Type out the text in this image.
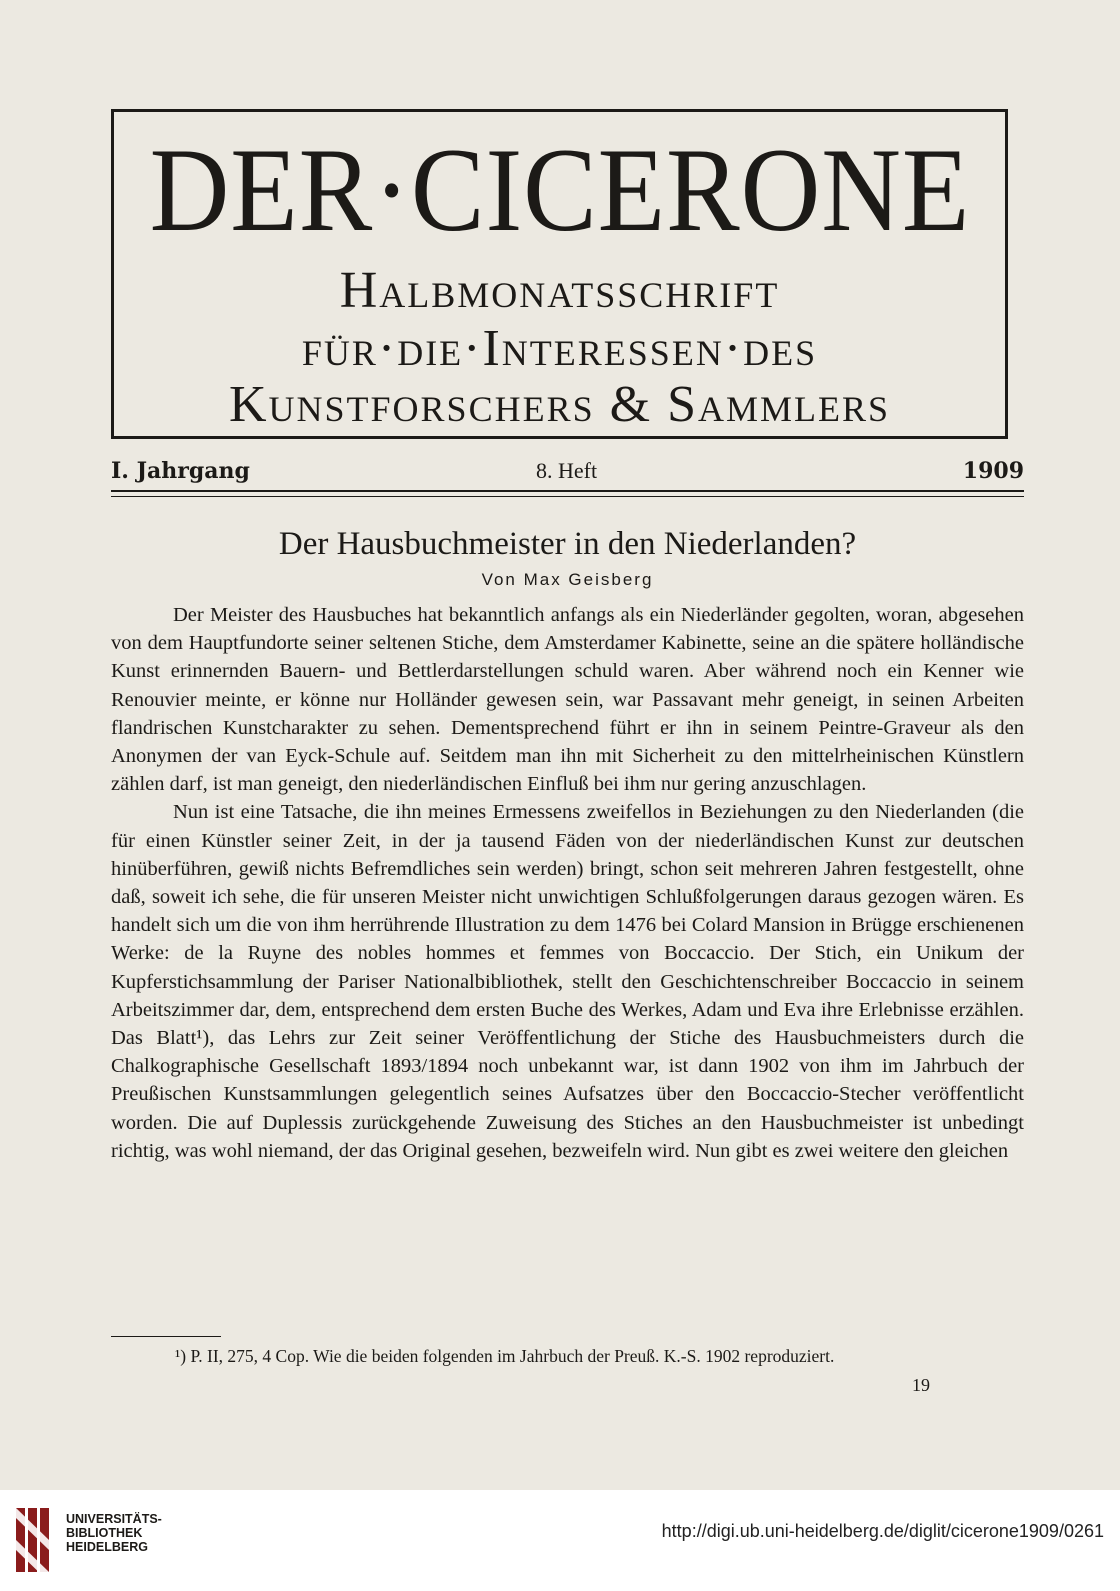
DER·CICERONE
Halbmonatsschrift
für·die·Interessen·des
Kunstforschers & Sammlers
I. Jahrgang	8. Heft	1909
Der Hausbuchmeister in den Niederlanden?
Von Max Geisberg

Der Meister des Hausbuches hat bekanntlich anfangs als ein Niederländer gegolten, woran, abgesehen von dem Hauptfundorte seiner seltenen Stiche, dem Amsterdamer Kabinette, seine an die spätere holländische Kunst erinnernden Bauern- und Bettlerdarstellungen schuld waren. Aber während noch ein Kenner wie Renouvier meinte, er könne nur Holländer gewesen sein, war Passavant mehr geneigt, in seinen Arbeiten flandrischen Kunstcharakter zu sehen. Dementsprechend führt er ihn in seinem Peintre-Graveur als den Anonymen der van Eyck-Schule auf. Seitdem man ihn mit Sicherheit zu den mittelrheinischen Künstlern zählen darf, ist man geneigt, den niederländischen Einfluß bei ihm nur gering anzuschlagen.

Nun ist eine Tatsache, die ihn meines Ermessens zweifellos in Beziehungen zu den Niederlanden (die für einen Künstler seiner Zeit, in der ja tausend Fäden von der niederländischen Kunst zur deutschen hinüberführen, gewiß nichts Befremdliches sein werden) bringt, schon seit mehreren Jahren festgestellt, ohne daß, soweit ich sehe, die für unseren Meister nicht unwichtigen Schlußfolgerungen daraus gezogen wären. Es handelt sich um die von ihm herrührende Illustration zu dem 1476 bei Colard Mansion in Brügge erschienenen Werke: de la Ruyne des nobles hommes et femmes von Boccaccio. Der Stich, ein Unikum der Kupferstichsammlung der Pariser Nationalbibliothek, stellt den Geschichtenschreiber Boccaccio in seinem Arbeitszimmer dar, dem, entsprechend dem ersten Buche des Werkes, Adam und Eva ihre Erlebnisse erzählen. Das Blatt¹), das Lehrs zur Zeit seiner Veröffentlichung der Stiche des Hausbuchmeisters durch die Chalkographische Gesellschaft 1893/1894 noch unbekannt war, ist dann 1902 von ihm im Jahrbuch der Preußischen Kunstsammlungen gelegentlich seines Aufsatzes über den Boccaccio-Stecher veröffentlicht worden. Die auf Duplessis zurückgehende Zuweisung des Stiches an den Hausbuchmeister ist unbedingt richtig, was wohl niemand, der das Original gesehen, bezweifeln wird. Nun gibt es zwei weitere den gleichen

¹) P. II, 275, 4 Cop. Wie die beiden folgenden im Jahrbuch der Preuß. K.-S. 1902 reproduziert.
19
UNIVERSITÄTS-
BIBLIOTHEK
HEIDELBERG
http://digi.ub.uni-heidelberg.de/diglit/cicerone1909/0261
